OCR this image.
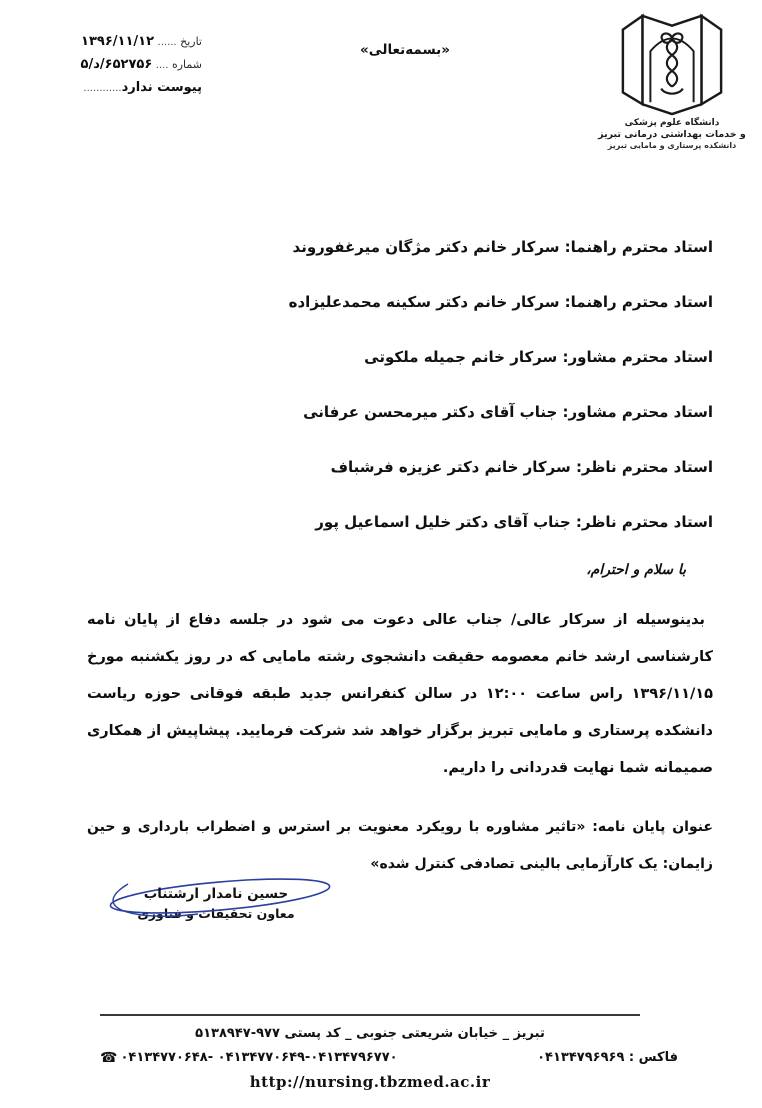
تاریخ ...... ۱۳۹۶/۱۱/۱۲
شماره .... ۶۵۲۷۵۶/د/۵
پیوست ندارد............
«بسمه‌تعالی»
دانشگاه علوم پزشکی
و خدمات بهداشتی درمانی تبریز
دانشکده پرستاری و مامایی تبریز
استاد محترم راهنما: سرکار خانم دکتر مژگان میرغفوروند
استاد محترم راهنما: سرکار خانم دکتر سکینه محمدعلیزاده
استاد محترم مشاور: سرکار خانم جمیله ملکوتی
استاد محترم مشاور: جناب آقای دکتر میرمحسن عرفانی
استاد محترم ناظر: سرکار خانم دکتر عزیزه فرشباف
استاد محترم ناظر: جناب آقای دکتر خلیل اسماعیل پور
با سلام و احترام،
بدینوسیله از سرکار عالی/ جناب عالی دعوت می شود در جلسه دفاع از پایان نامه کارشناسی ارشد خانم معصومه حقیقت دانشجوی رشته مامایی که در روز یکشنبه مورخ ۱۳۹۶/۱۱/۱۵ راس ساعت ۱۲:۰۰ در سالن کنفرانس جدید طبقه فوقانی حوزه ریاست دانشکده پرستاری و مامایی تبریز برگزار خواهد شد شرکت فرمایید. پیشاپیش از همکاری صمیمانه شما نهایت قدردانی را داریم.
عنوان پایان نامه: «تاثیر مشاوره با رویکرد معنویت بر استرس و اضطراب بارداری و حین زایمان: یک کارآزمایی بالینی تصادفی کنترل شده»
حسین نامدار ارشتناب
معاون تحقیقات و فناوری
تبریز _ خیابان شریعتی جنوبی _ کد پستی ۹۷۷-۵۱۳۸۹۴۷
☎ ۰۴۱۳۴۷۷۰۶۴۸- ۰۴۱۳۴۷۷۰۶۴۹-۰۴۱۳۴۷۹۶۷۷۰	فاکس : ۰۴۱۳۴۷۹۶۹۶۹
http://nursing.tbzmed.ac.ir
